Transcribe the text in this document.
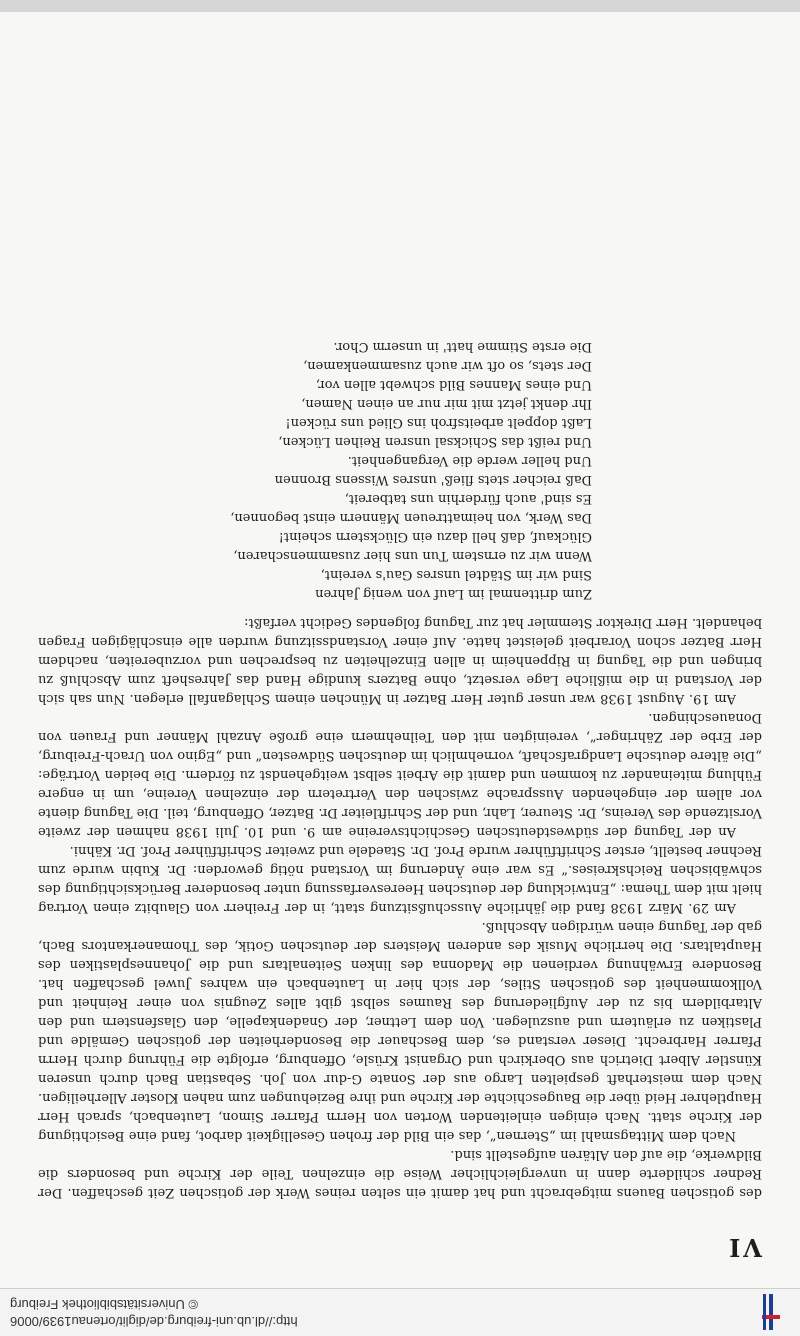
http://dl.ub.uni-freiburg.de/diglit/ortenau1939/0006
© Universitätsbibliothek Freiburg
VI

des gotischen Bauens mitgebracht und hat damit ein selten reines Werk der gotischen Zeit geschaffen. Der Redner schilderte dann in unvergleichlicher Weise die einzelnen Teile der Kirche und besonders die Bildwerke, die auf den Altären aufgestellt sind.

Nach dem Mittagsmahl im „Sternen“, das ein Bild der frohen Geselligkeit darbot, fand eine Besichtigung der Kirche statt. Nach einigen einleitenden Worten von Herrn Pfarrer Simon, Lautenbach, sprach Herr Hauptlehrer Heid über die Baugeschichte der Kirche und ihre Beziehungen zum nahen Kloster Allerheiligen. Nach dem meisterhaft gespielten Largo aus der Sonate G-dur von Joh. Sebastian Bach durch unseren Künstler Albert Dietrich aus Oberkirch und Organist Krüsle, Offenburg, erfolgte die Führung durch Herrn Pfarrer Harbrecht. Dieser verstand es, dem Beschauer die Besonderheiten der gotischen Gemälde und Plastiken zu erläutern und auszulegen. Von dem Lettner, der Gnadenkapelle, den Glasfenstern und den Altarbildern bis zu der Aufgliederung des Raumes selbst gibt alles Zeugnis von einer Reinheit und Vollkommenheit des gotischen Stiles, der sich hier in Lautenbach ein wahres Juwel geschaffen hat. Besondere Erwähnung verdienen die Madonna des linken Seitenaltars und die Johannesplastiken des Hauptaltars. Die herrliche Musik des anderen Meisters der deutschen Gotik, des Thomanerkantors Bach, gab der Tagung einen würdigen Abschluß.

Am 29. März 1938 fand die jährliche Ausschußsitzung statt, in der Freiherr von Glaubitz einen Vortrag hielt mit dem Thema: „Entwicklung der deutschen Heeresverfassung unter besonderer Berücksichtigung des schwäbischen Reichskreises.“ Es war eine Änderung im Vorstand nötig geworden: Dr. Kubin wurde zum Rechner bestellt, erster Schriftführer wurde Prof. Dr. Staedele und zweiter Schriftführer Prof. Dr. Kähni.

An der Tagung der südwestdeutschen Geschichtsvereine am 9. und 10. Juli 1938 nahmen der zweite Vorsitzende des Vereins, Dr. Steurer, Lahr, und der Schriftleiter Dr. Batzer, Offenburg, teil. Die Tagung diente vor allem der eingehenden Aussprache zwischen den Vertretern der einzelnen Vereine, um in engere Fühlung miteinander zu kommen und damit die Arbeit selbst weitgehendst zu fördern. Die beiden Vorträge: „Die ältere deutsche Landgrafschaft, vornehmlich im deutschen Südwesten“ und „Egino von Urach-Freiburg, der Erbe der Zähringer“, vereinigten mit den Teilnehmern eine große Anzahl Männer und Frauen von Donaueschingen.

Am 19. August 1938 war unser guter Herr Batzer in München einem Schlaganfall erlegen. Nun sah sich der Vorstand in die mißliche Lage versetzt, ohne Batzers kundige Hand das Jahresheft zum Abschluß zu bringen und die Tagung in Rippenheim in allen Einzelheiten zu besprechen und vorzubereiten, nachdem Herr Batzer schon Vorarbeit geleistet hatte. Auf einer Vorstandssitzung wurden alle einschlägigen Fragen behandelt. Herr Direktor Stemmler hat zur Tagung folgendes Gedicht verfaßt:

Zum drittenmal im Lauf von wenig Jahren
Sind wir im Städtel unsres Gau's vereint,
Wenn wir zu ernstem Tun uns hier zusammenscharen,
Glückauf, daß hell dazu ein Glückstern scheint!
Das Werk, von heimattreuen Männern einst begonnen,
Es sind' auch fürderhin uns tatbereit,
Daß reicher stets fließ' unsres Wissens Bronnen
Und heller werde die Vergangenheit.
Und reißt das Schicksal unsren Reihen Lücken,
Laßt doppelt arbeitsfroh ins Glied uns rücken!
Ihr denkt jetzt mit mir nur an einen Namen,
Und eines Mannes Bild schwebt allen vor,
Der stets, so oft wir auch zusammenkamen,
Die erste Stimme hatt' in unserm Chor.
